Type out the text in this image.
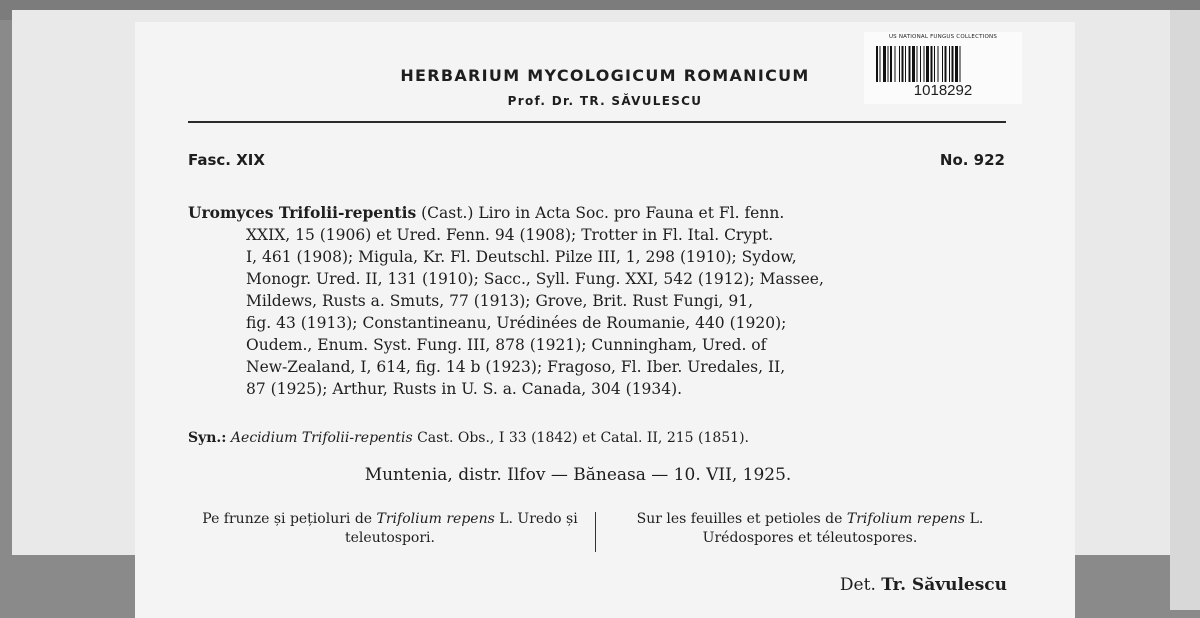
HERBARIUM MYCOLOGICUM ROMANICUM
Prof. Dr. TR. SĂVULESCU
Fasc. XIX	No. 922
Uromyces Trifolii-repentis (Cast.) Liro in Acta Soc. pro Fauna et Fl. fenn.
XXIX, 15 (1906) et Ured. Fenn. 94 (1908); Trotter in Fl. Ital. Crypt.
I, 461 (1908); Migula, Kr. Fl. Deutschl. Pilze III, 1, 298 (1910); Sydow,
Monogr. Ured. II, 131 (1910); Sacc., Syll. Fung. XXI, 542 (1912); Massee,
Mildews, Rusts a. Smuts, 77 (1913); Grove, Brit. Rust Fungi, 91,
fig. 43 (1913); Constantineanu, Urédinées de Roumanie, 440 (1920);
Oudem., Enum. Syst. Fung. III, 878 (1921); Cunningham, Ured. of
New-Zealand, I, 614, fig. 14 b (1923); Fragoso, Fl. Iber. Uredales, II,
87 (1925); Arthur, Rusts in U. S. a. Canada, 304 (1934).
Syn.: Aecidium Trifolii-repentis Cast. Obs., I 33 (1842) et Catal. II, 215 (1851).
Muntenia, distr. Ilfov — Băneasa — 10. VII, 1925.
Pe frunze și pețioluri de Trifolium repens L. Uredo și teleutospori.
Sur les feuilles et petioles de Trifolium repens L. Urédospores et téleutospores.
Det. Tr. Săvulescu
US NATIONAL FUNGUS COLLECTIONS
1018292
